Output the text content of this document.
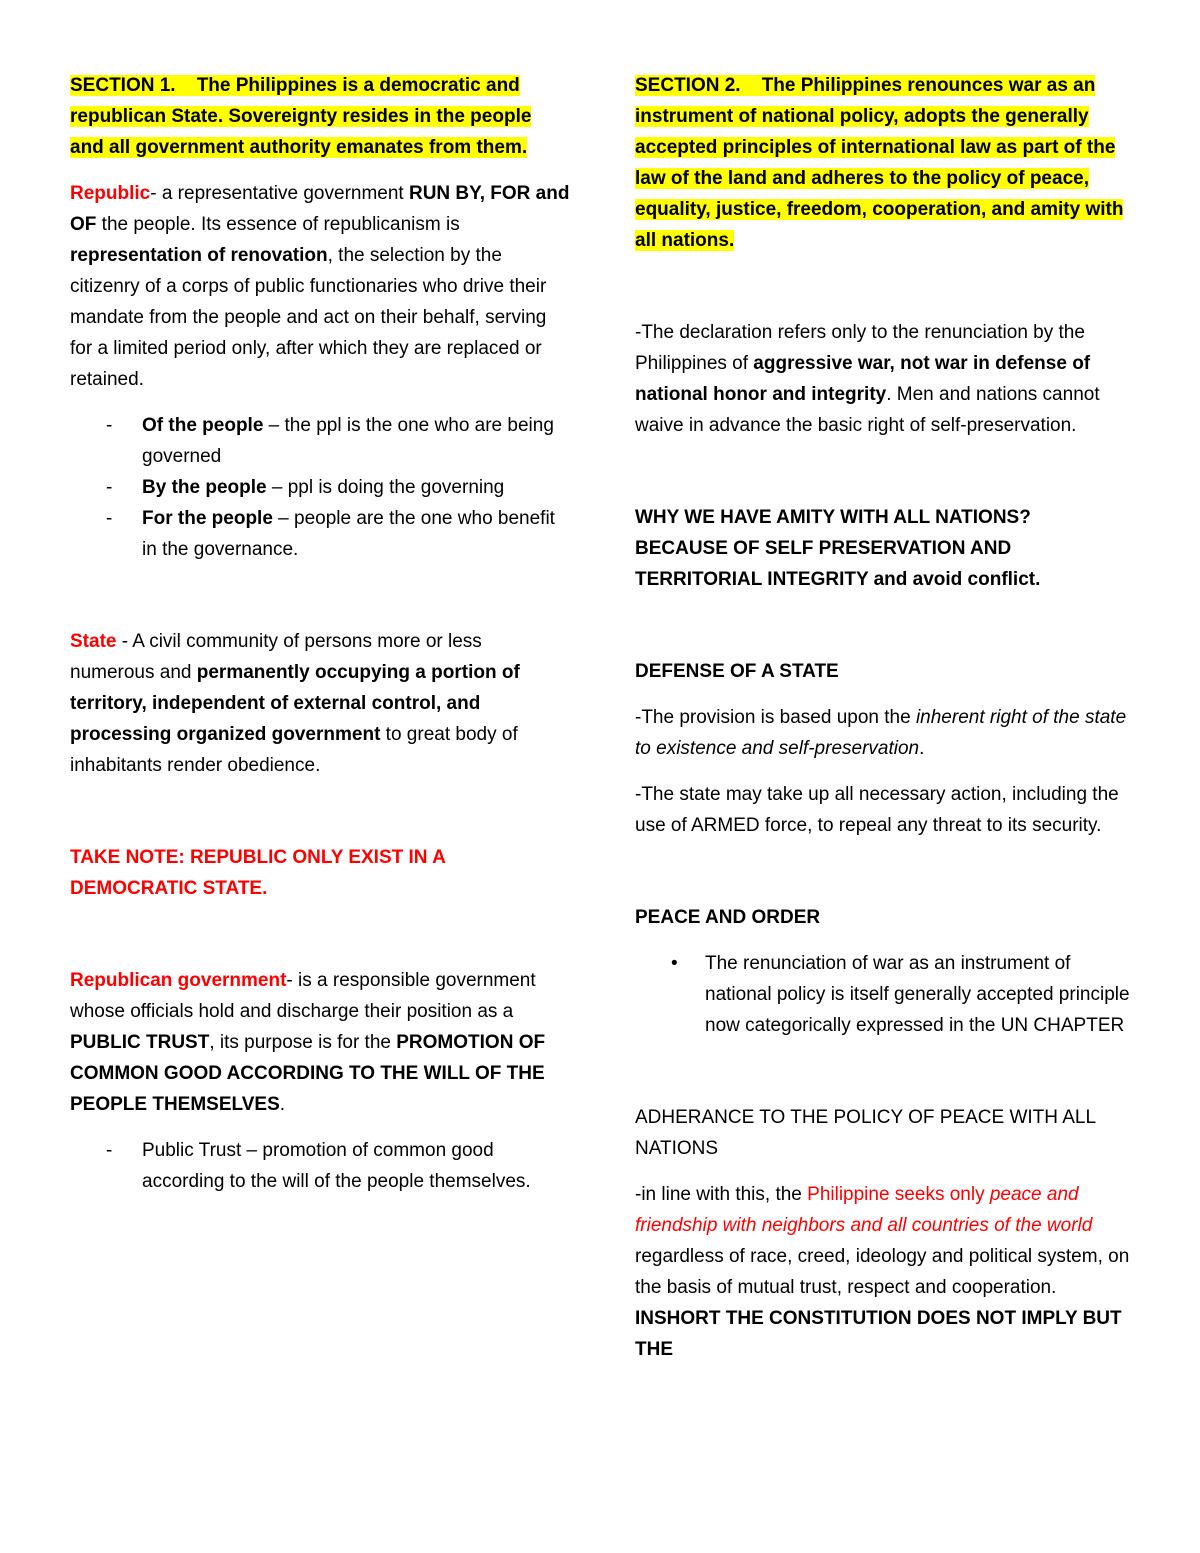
SECTION 1. The Philippines is a democratic and republican State. Sovereignty resides in the people and all government authority emanates from them.

Republic- a representative government RUN BY, FOR and OF the people. Its essence of republicanism is representation of renovation, the selection by the citizenry of a corps of public functionaries who drive their mandate from the people and act on their behalf, serving for a limited period only, after which they are replaced or retained.

- Of the people – the ppl is the one who are being governed
- By the people – ppl is doing the governing
- For the people – people are the one who benefit in the governance.

State - A civil community of persons more or less numerous and permanently occupying a portion of territory, independent of external control, and processing organized government to great body of inhabitants render obedience.

TAKE NOTE: REPUBLIC ONLY EXIST IN A DEMOCRATIC STATE.

Republican government- is a responsible government whose officials hold and discharge their position as a PUBLIC TRUST, its purpose is for the PROMOTION OF COMMON GOOD ACCORDING TO THE WILL OF THE PEOPLE THEMSELVES.

- Public Trust – promotion of common good according to the will of the people themselves.

SECTION 2. The Philippines renounces war as an instrument of national policy, adopts the generally accepted principles of international law as part of the law of the land and adheres to the policy of peace, equality, justice, freedom, cooperation, and amity with all nations.

-The declaration refers only to the renunciation by the Philippines of aggressive war, not war in defense of national honor and integrity. Men and nations cannot waive in advance the basic right of self-preservation.

WHY WE HAVE AMITY WITH ALL NATIONS?
BECAUSE OF SELF PRESERVATION AND TERRITORIAL INTEGRITY and avoid conflict.

DEFENSE OF A STATE

-The provision is based upon the inherent right of the state to existence and self-preservation.

-The state may take up all necessary action, including the use of ARMED force, to repeal any threat to its security.

PEACE AND ORDER

• The renunciation of war as an instrument of national policy is itself generally accepted principle now categorically expressed in the UN CHAPTER

ADHERANCE TO THE POLICY OF PEACE WITH ALL NATIONS

-in line with this, the Philippine seeks only peace and friendship with neighbors and all countries of the world regardless of race, creed, ideology and political system, on the basis of mutual trust, respect and cooperation. INSHORT THE CONSTITUTION DOES NOT IMPLY BUT THE
